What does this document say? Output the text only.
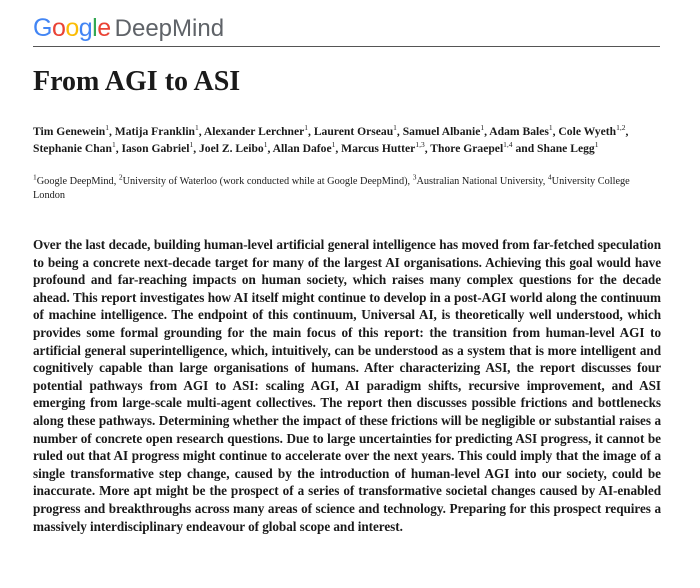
Google DeepMind
From AGI to ASI
Tim Genewein$^1$, Matija Franklin$^1$, Alexander Lerchner$^1$, Laurent Orseau$^1$, Samuel Albanie$^1$, Adam Bales$^1$, Cole Wyeth$^{1,2}$, Stephanie Chan$^1$, Iason Gabriel$^1$, Joel Z. Leibo$^1$, Allan Dafoe$^1$, Marcus Hutter$^{1,3}$, Thore Graepel$^{1,4}$ and Shane Legg$^1$
$^1$Google DeepMind, $^2$University of Waterloo (work conducted while at Google DeepMind), $^3$Australian National University, $^4$University College London

Over the last decade, building human-level artificial general intelligence has moved from far-fetched speculation to being a concrete next-decade target for many of the largest AI organisations. Achieving this goal would have profound and far-reaching impacts on human society, which raises many complex questions for the decade ahead. This report investigates how AI itself might continue to develop in a post-AGI world along the continuum of machine intelligence. The endpoint of this continuum, Universal AI, is theoretically well understood, which provides some formal grounding for the main focus of this report: the transition from human-level AGI to artificial general superintelligence, which, intuitively, can be understood as a system that is more intelligent and cognitively capable than large organisations of humans. After characterizing ASI, the report discusses four potential pathways from AGI to ASI: scaling AGI, AI paradigm shifts, recursive improvement, and ASI emerging from large-scale multi-agent collectives. The report then discusses possible frictions and bottlenecks along these pathways. Determining whether the impact of these frictions will be negligible or substantial raises a number of concrete open research questions. Due to large uncertainties for predicting ASI progress, it cannot be ruled out that AI progress might continue to accelerate over the next years. This could imply that the image of a single transformative step change, caused by the introduction of human-level AGI into our society, could be inaccurate. More apt might be the prospect of a series of transformative societal changes caused by AI-enabled progress and breakthroughs across many areas of science and technology. Preparing for this prospect requires a massively interdisciplinary endeavour of global scope and interest.
